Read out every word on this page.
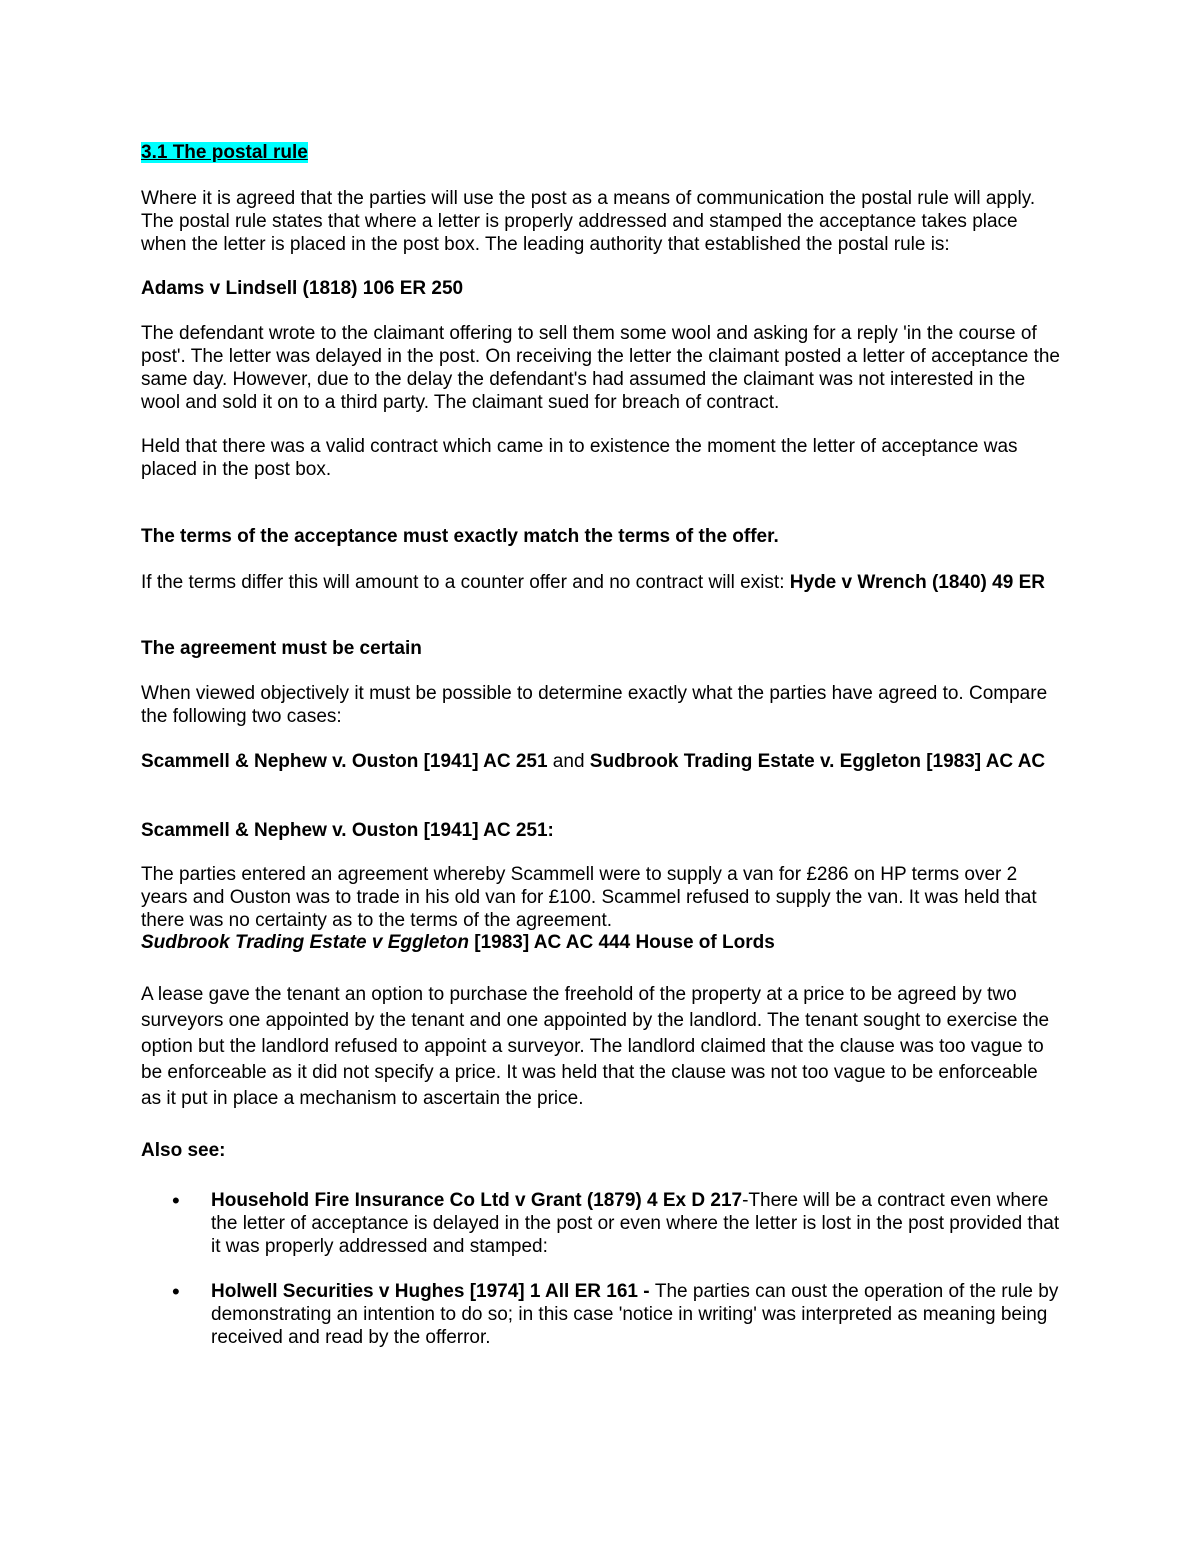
3.1 The postal rule
Where it is agreed that the parties will use the post as a means of communication the postal rule will apply. The postal rule states that where a letter is properly addressed and stamped the acceptance takes place when the letter is placed in the post box. The leading authority that established the postal rule is:
Adams v Lindsell (1818) 106 ER 250
The defendant wrote to the claimant offering to sell them some wool and asking for a reply 'in the course of post'. The letter was delayed in the post. On receiving the letter the claimant posted a letter of acceptance the same day. However, due to the delay the defendant's had assumed the claimant was not interested in the wool and sold it on to a third party. The claimant sued for breach of contract.
Held that there was a valid contract which came in to existence the moment the letter of acceptance was placed in the post box.
The terms of the acceptance must exactly match the terms of the offer.
If the terms differ this will amount to a counter offer and no contract will exist: Hyde v Wrench (1840) 49 ER
The agreement must be certain
When viewed objectively it must be possible to determine exactly what the parties have agreed to. Compare the following two cases:
Scammell & Nephew v. Ouston [1941] AC 251 and Sudbrook Trading Estate v. Eggleton [1983] AC AC
Scammell & Nephew v. Ouston [1941] AC 251:
The parties entered an agreement whereby Scammell were to supply a van for £286 on HP terms over 2 years and Ouston was to trade in his old van for £100. Scammel refused to supply the van. It was held that there was no certainty as to the terms of the agreement.
Sudbrook Trading Estate v Eggleton [1983] AC AC 444 House of Lords
A lease gave the tenant an option to purchase the freehold of the property at a price to be agreed by two surveyors one appointed by the tenant and one appointed by the landlord. The tenant sought to exercise the option but the landlord refused to appoint a surveyor. The landlord claimed that the clause was too vague to be enforceable as it did not specify a price. It was held that the clause was not too vague to be enforceable as it put in place a mechanism to ascertain the price.
Also see:
• Household Fire Insurance Co Ltd v Grant (1879) 4 Ex D 217-There will be a contract even where the letter of acceptance is delayed in the post or even where the letter is lost in the post provided that it was properly addressed and stamped:
• Holwell Securities v Hughes [1974] 1 All ER 161 - The parties can oust the operation of the rule by demonstrating an intention to do so; in this case 'notice in writing' was interpreted as meaning being received and read by the offerror.
